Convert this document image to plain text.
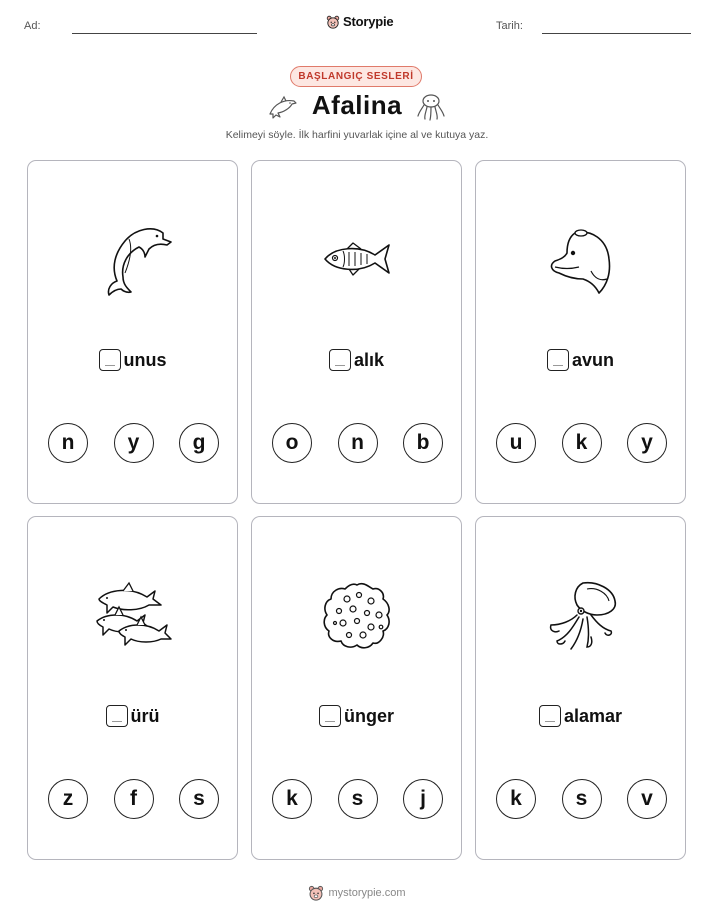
Ad:	Storypie	Tarih:
BAŞLANGIÇ SESLERİ
Afalina
Kelimeyi söyle. İlk harfini yuvarlak içine al ve kutuya yaz.
unus
n	y	g
alık
o	n	b
avun
u	k	y
ürü
z	f	s
ünger
k	s	j
alamar
k	s	v
mystorypie.com
